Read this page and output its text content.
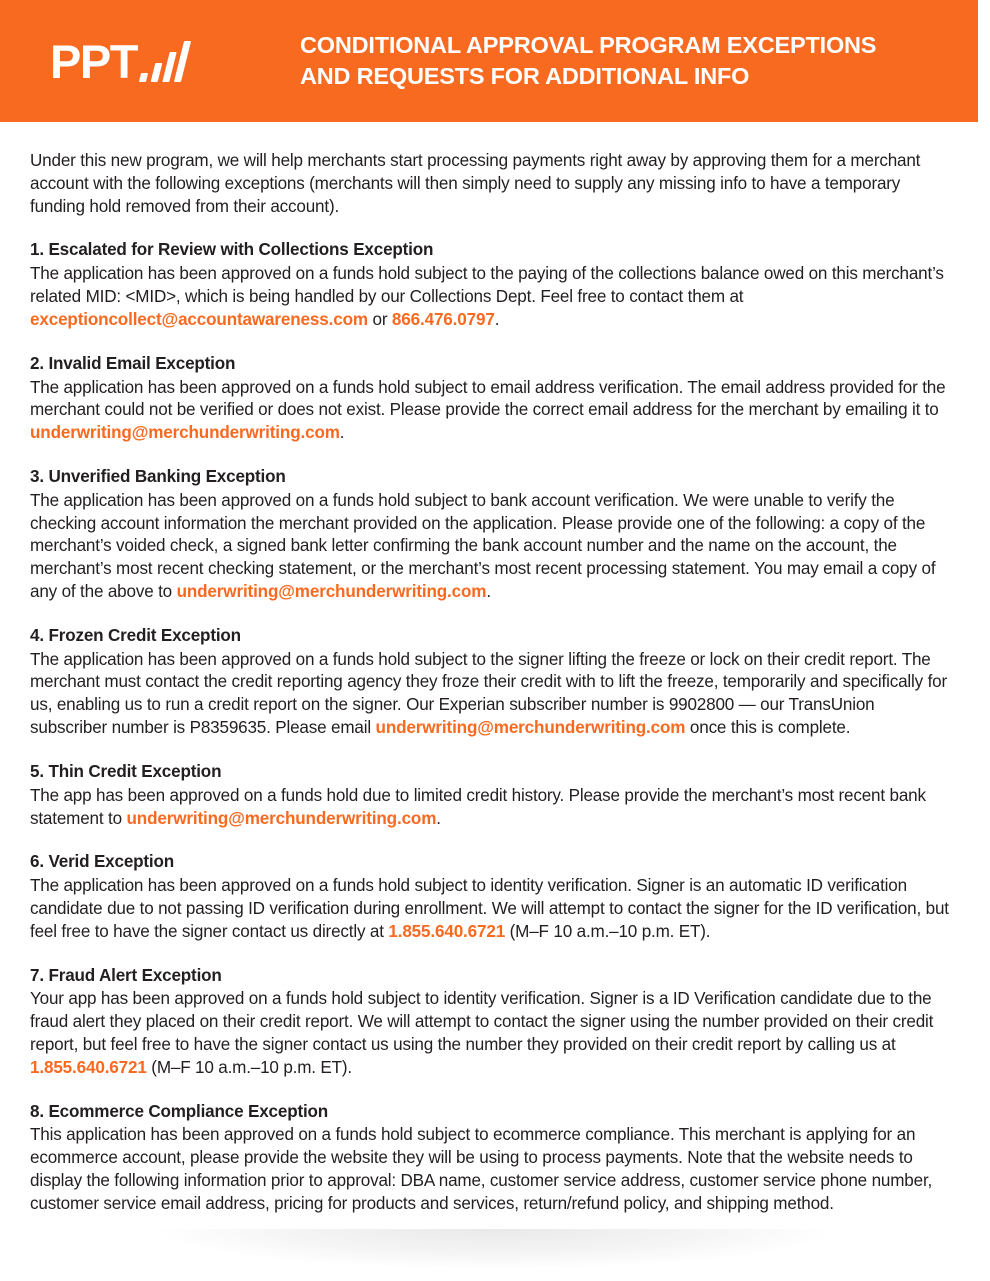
PPT	CONDITIONAL APPROVAL PROGRAM EXCEPTIONS
AND REQUESTS FOR ADDITIONAL INFO

Under this new program, we will help merchants start processing payments right away by approving them for a merchant account with the following exceptions (merchants will then simply need to supply any missing info to have a temporary funding hold removed from their account).

1. Escalated for Review with Collections Exception

The application has been approved on a funds hold subject to the paying of the collections balance owed on this merchant’s related MID: <MID>, which is being handled by our Collections Dept. Feel free to contact them at exceptioncollect@accountawareness.com or 866.476.0797.

2. Invalid Email Exception

The application has been approved on a funds hold subject to email address verification. The email address provided for the merchant could not be verified or does not exist. Please provide the correct email address for the merchant by emailing it to underwriting@merchunderwriting.com.

3. Unverified Banking Exception

The application has been approved on a funds hold subject to bank account verification. We were unable to verify the checking account information the merchant provided on the application. Please provide one of the following: a copy of the merchant’s voided check, a signed bank letter confirming the bank account number and the name on the account, the merchant’s most recent checking statement, or the merchant’s most recent processing statement. You may email a copy of any of the above to underwriting@merchunderwriting.com.

4. Frozen Credit Exception

The application has been approved on a funds hold subject to the signer lifting the freeze or lock on their credit report. The merchant must contact the credit reporting agency they froze their credit with to lift the freeze, temporarily and specifically for us, enabling us to run a credit report on the signer. Our Experian subscriber number is 9902800 — our TransUnion subscriber number is P8359635. Please email underwriting@merchunderwriting.com once this is complete.

5. Thin Credit Exception

The app has been approved on a funds hold due to limited credit history. Please provide the merchant’s most recent bank statement to underwriting@merchunderwriting.com.

6. Verid Exception

The application has been approved on a funds hold subject to identity verification. Signer is an automatic ID verification candidate due to not passing ID verification during enrollment. We will attempt to contact the signer for the ID verification, but feel free to have the signer contact us directly at 1.855.640.6721 (M–F 10 a.m.–10 p.m. ET).

7. Fraud Alert Exception

Your app has been approved on a funds hold subject to identity verification. Signer is a ID Verification candidate due to the fraud alert they placed on their credit report. We will attempt to contact the signer using the number provided on their credit report, but feel free to have the signer contact us using the number they provided on their credit report by calling us at 1.855.640.6721 (M–F 10 a.m.–10 p.m. ET).

8. Ecommerce Compliance Exception

This application has been approved on a funds hold subject to ecommerce compliance. This merchant is applying for an ecommerce account, please provide the website they will be using to process payments. Note that the website needs to display the following information prior to approval: DBA name, customer service address, customer service phone number, customer service email address, pricing for products and services, return/refund policy, and shipping method.
